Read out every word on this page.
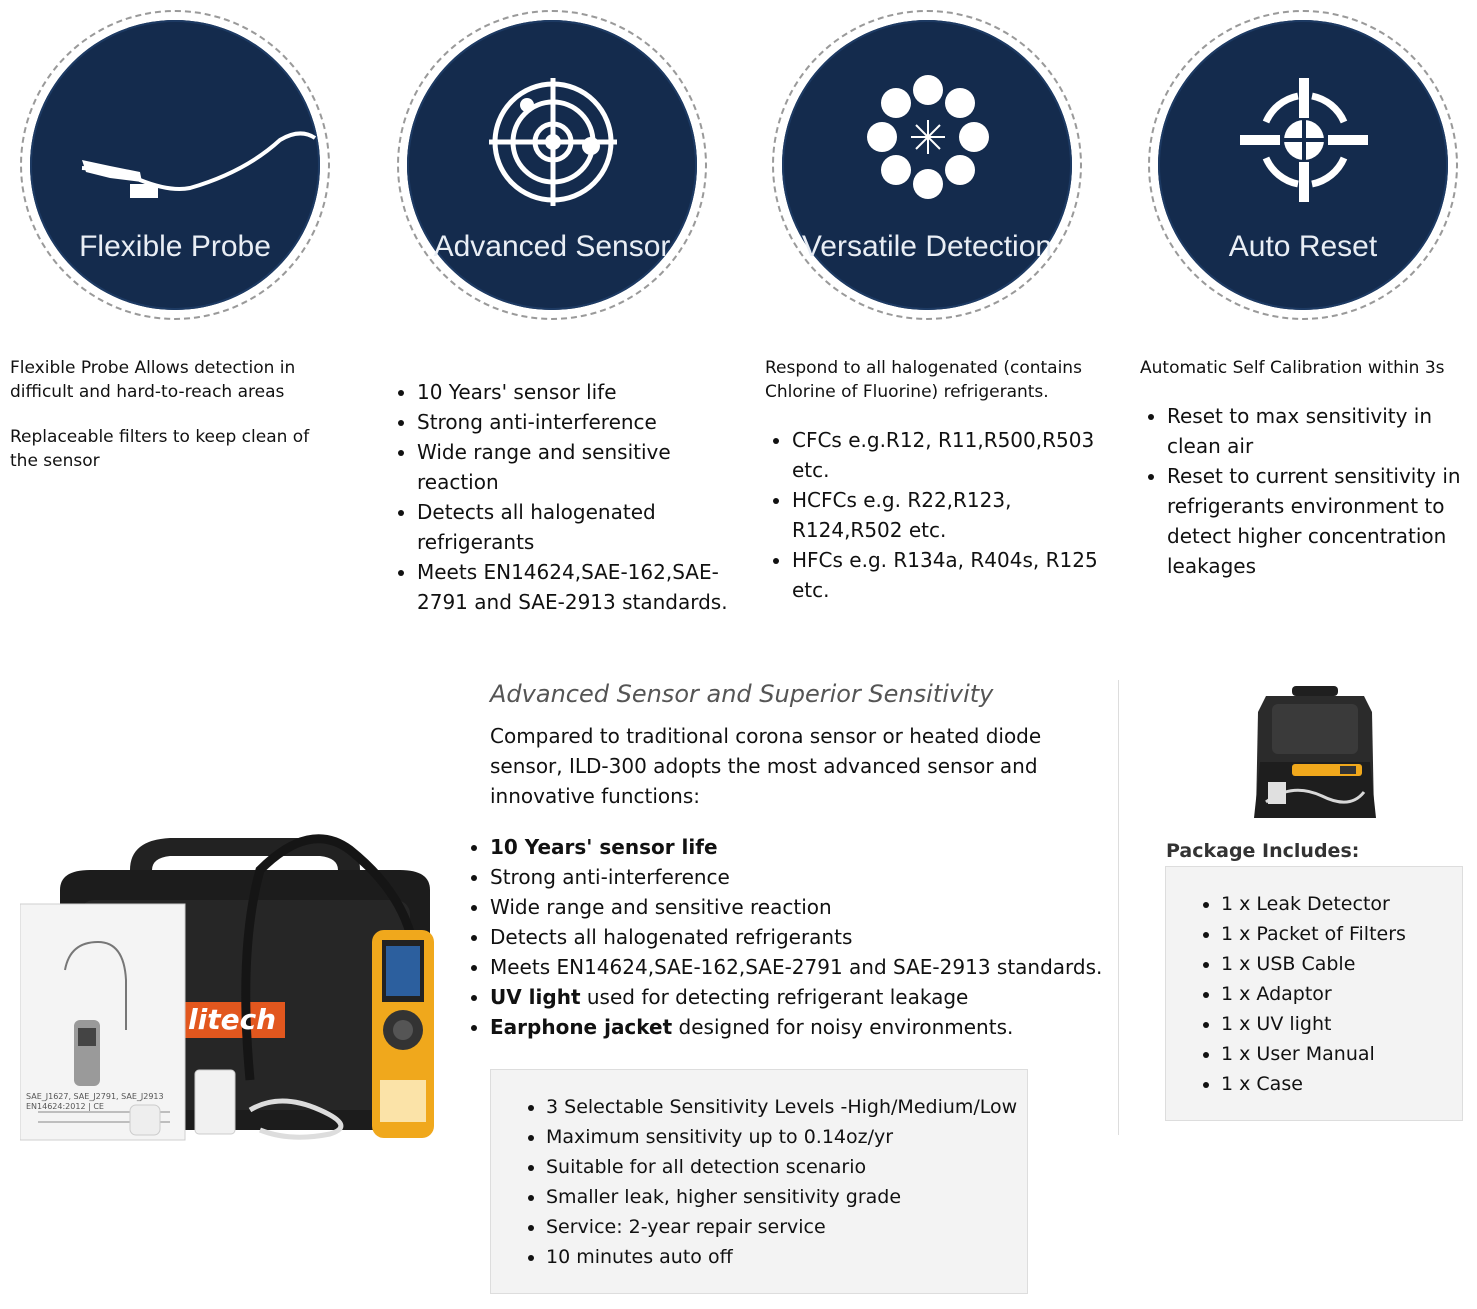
Flexible Probe	Advanced Sensor	Versatile Detection	Auto Reset

Flexible Probe Allows detection in difficult and hard-to-reach areas

Replaceable filters to keep clean of the sensor

• 10 Years' sensor life
• Strong anti-interference
• Wide range and sensitive reaction
• Detects all halogenated refrigerants
• Meets EN14624,SAE-162,SAE-2791 and SAE-2913 standards.
Respond to all halogenated (contains Chlorine of Fluorine) refrigerants.
• CFCs e.g.R12, R11,R500,R503 etc.
• HCFCs e.g. R22,R123, R124,R502 etc.
• HFCs e.g. R134a, R404s, R125 etc.
Automatic Self Calibration within 3s
• Reset to max sensitivity in clean air
• Reset to current sensitivity in refrigerants environment to detect higher concentration leakages
litech
SAE_J1627, SAE_J2791, SAE_J2913 EN14624:2012 | CE
Advanced Sensor and Superior Sensitivity
Compared to traditional corona sensor or heated diode sensor, ILD-300 adopts the most advanced sensor and innovative functions:
• 10 Years' sensor life
• Strong anti-interference
• Wide range and sensitive reaction
• Detects all halogenated refrigerants
• Meets EN14624,SAE-162,SAE-2791 and SAE-2913 standards.
• UV light used for detecting refrigerant leakage
• Earphone jacket designed for noisy environments.
• 3 Selectable Sensitivity Levels -High/Medium/Low
• Maximum sensitivity up to 0.14oz/yr
• Suitable for all detection scenario
• Smaller leak, higher sensitivity grade
• Service: 2-year repair service
• 10 minutes auto off
Package Includes:
• 1 x Leak Detector
• 1 x Packet of Filters
• 1 x USB Cable
• 1 x Adaptor
• 1 x UV light
• 1 x User Manual
• 1 x Case
